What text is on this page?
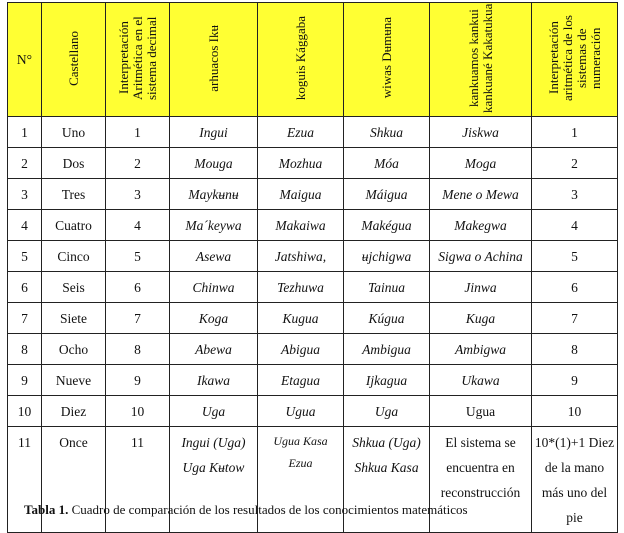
N°	Castellano	Interpretación Aritmética en el sistema decimal	arhuacos Ikʉ	koguis Kággaba	wiwas Dʉmʉna	kankuamos kankui kankuané Kakatukua	Interpretación aritmética de los sistemas de numeración
1	Uno	1	Ingui	Ezua	Shkua	Jiskwa	1
2	Dos	2	Mouga	Mozhua	Móa	Moga	2
3	Tres	3	Maykʉnʉ	Maigua	Máigua	Mene o Mewa	3
4	Cuatro	4	Ma´keywa	Makaiwa	Makégua	Makegwa	4
5	Cinco	5	Asewa	Jatshiwa,	ʉjchigwa	Sigwa o Achina	5
6	Seis	6	Chinwa	Tezhuwa	Tainua	Jinwa	6
7	Siete	7	Koga	Kugua	Kúgua	Kuga	7
8	Ocho	8	Abewa	Abigua	Ambigua	Ambigwa	8
9	Nueve	9	Ikawa	Etagua	Ijkagua	Ukawa	9
10	Diez	10	Uga	Ugua	Uga	Ugua	10
11	Once	11	Ingui (Uga) Uga Kʉtow	Ugua Kasa Ezua	Shkua (Uga) Shkua Kasa	El sistema se encuentra en reconstrucción	10*(1)+1 Diez de la mano más uno del pie
Tabla 1. Cuadro de comparación de los resultados de los conocimientos matemáticos
